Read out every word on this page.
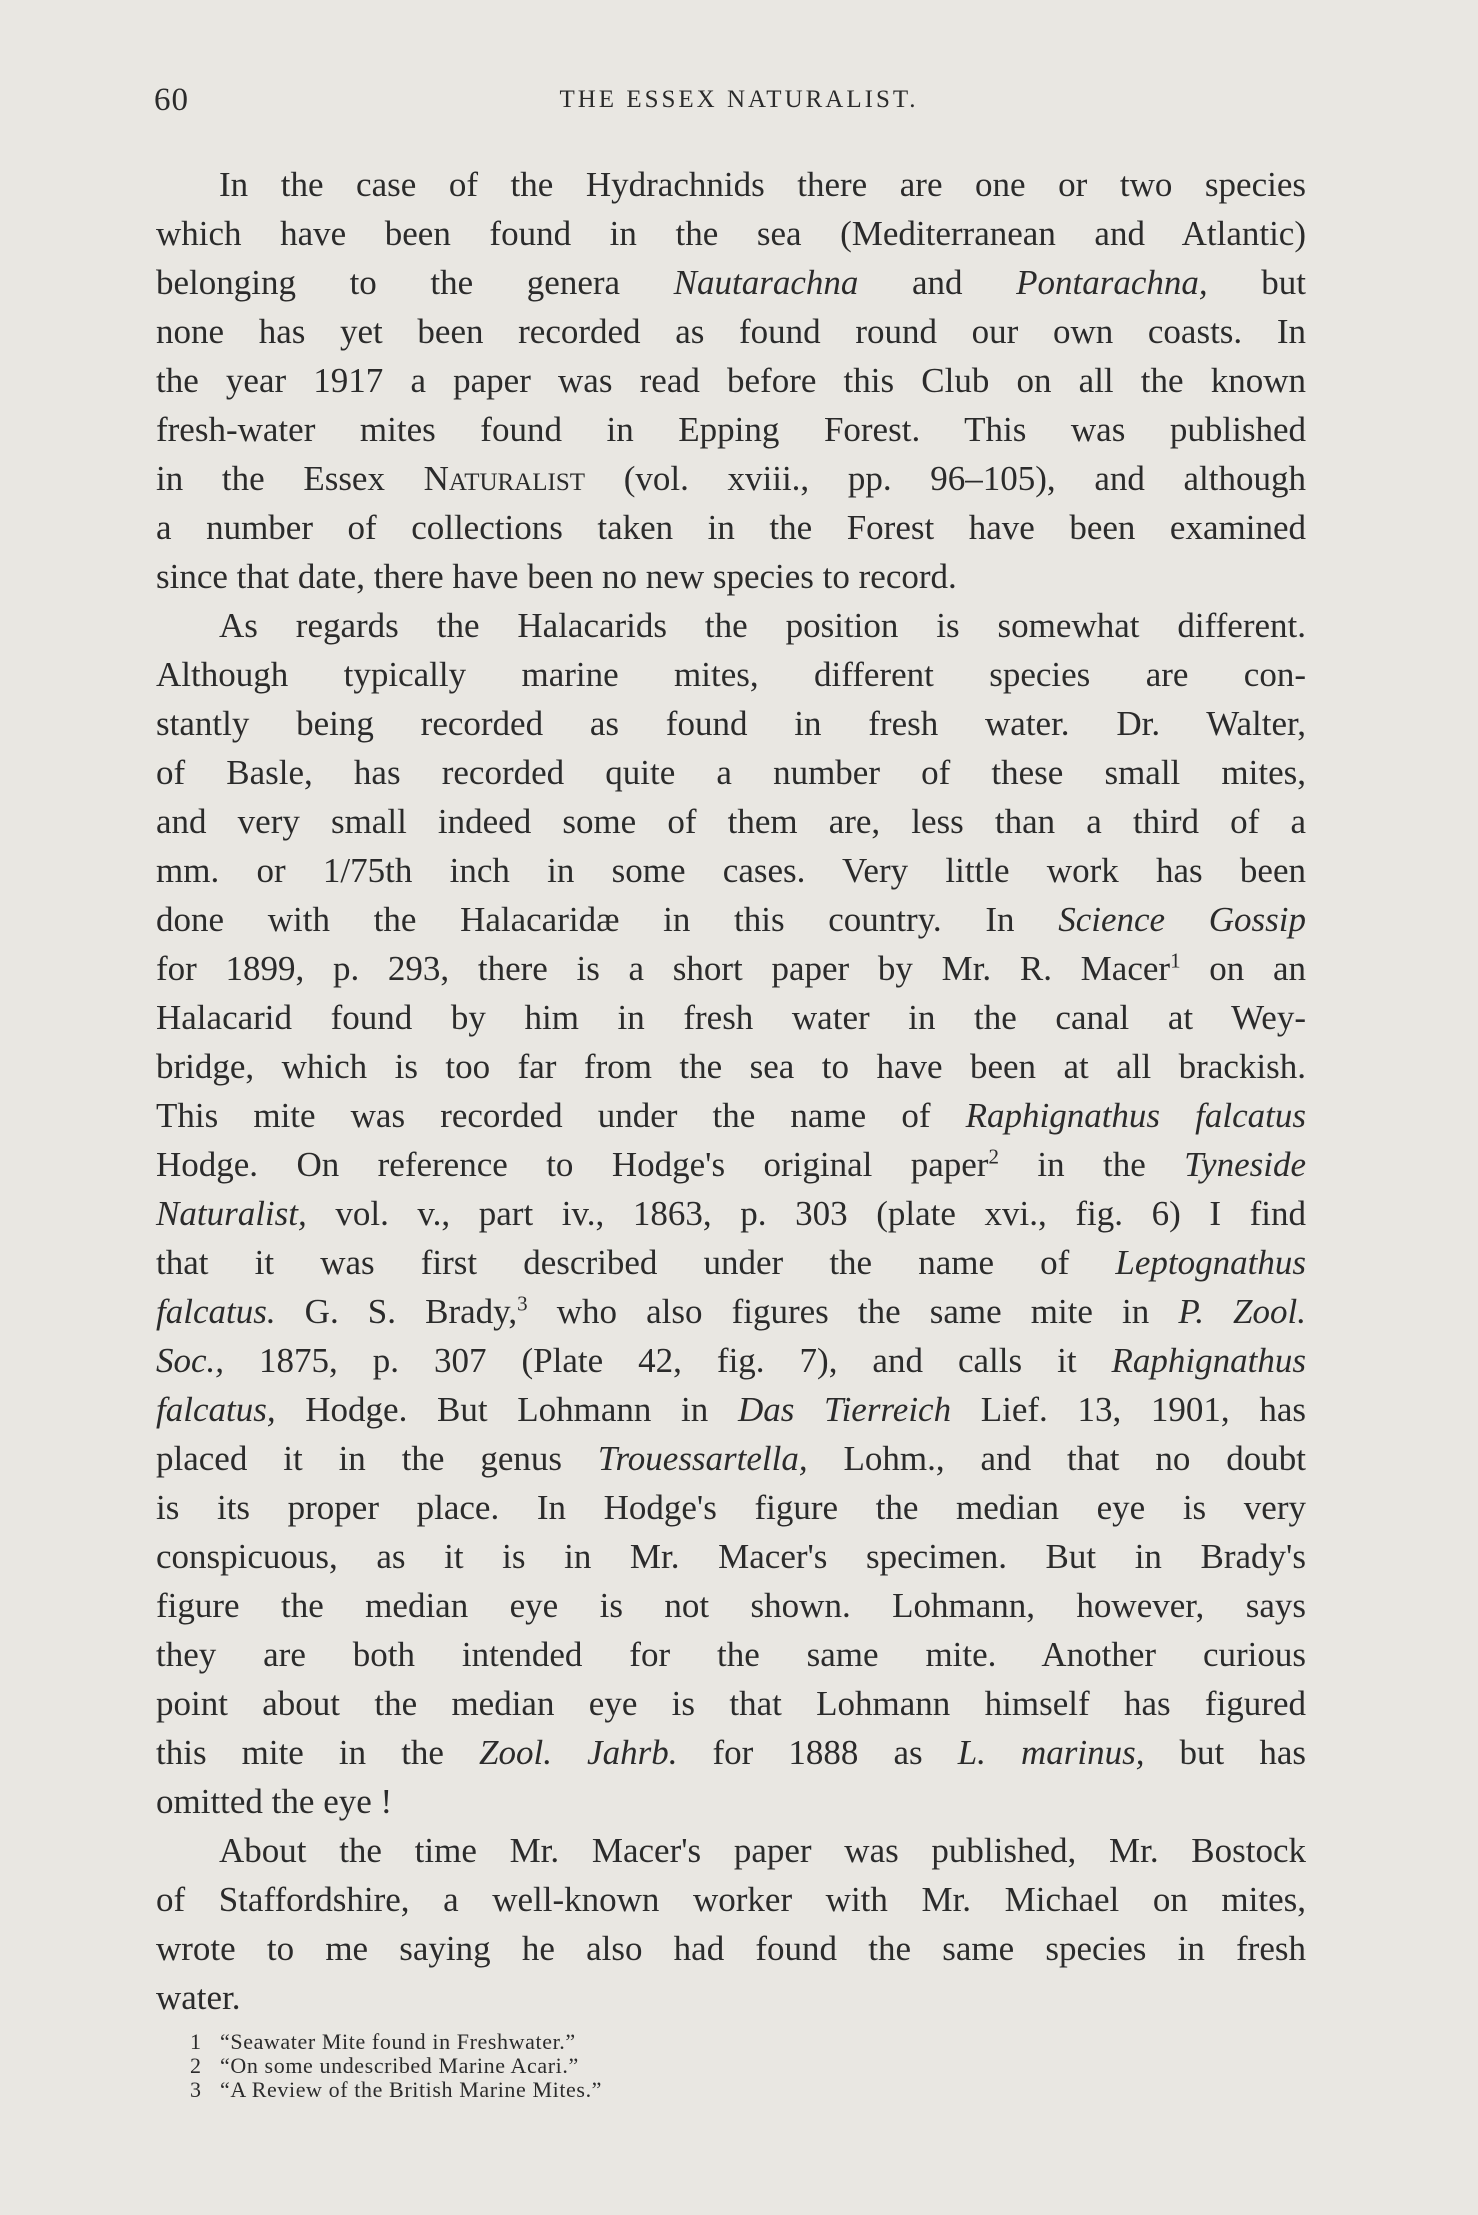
60	THE ESSEX NATURALIST.
In the case of the Hydrachnids there are one or two species
which have been found in the sea (Mediterranean and Atlantic)
belonging to the genera Nautarachna and Pontarachna, but
none has yet been recorded as found round our own coasts. In
the year 1917 a paper was read before this Club on all the known
fresh-water mites found in Epping Forest. This was published
in the Essex Naturalist (vol. xviii., pp. 96–105), and although
a number of collections taken in the Forest have been examined
since that date, there have been no new species to record.
As regards the Halacarids the position is somewhat different.
Although typically marine mites, different species are con-
stantly being recorded as found in fresh water. Dr. Walter,
of Basle, has recorded quite a number of these small mites,
and very small indeed some of them are, less than a third of a
mm. or 1/75th inch in some cases. Very little work has been
done with the Halacaridæ in this country. In Science Gossip
for 1899, p. 293, there is a short paper by Mr. R. Macer$^1$ on an
Halacarid found by him in fresh water in the canal at Wey-
bridge, which is too far from the sea to have been at all brackish.
This mite was recorded under the name of Raphignathus falcatus
Hodge. On reference to Hodge's original paper$^2$ in the Tyneside
Naturalist, vol. v., part iv., 1863, p. 303 (plate xvi., fig. 6) I find
that it was first described under the name of Leptognathus
falcatus. G. S. Brady,$^3$ who also figures the same mite in P. Zool.
Soc., 1875, p. 307 (Plate 42, fig. 7), and calls it Raphignathus
falcatus, Hodge. But Lohmann in Das Tierreich Lief. 13, 1901, has
placed it in the genus Trouessartella, Lohm., and that no doubt
is its proper place. In Hodge's figure the median eye is very
conspicuous, as it is in Mr. Macer's specimen. But in Brady's
figure the median eye is not shown. Lohmann, however, says
they are both intended for the same mite. Another curious
point about the median eye is that Lohmann himself has figured
this mite in the Zool. Jahrb. for 1888 as L. marinus, but has
omitted the eye !
About the time Mr. Macer's paper was published, Mr. Bostock
of Staffordshire, a well-known worker with Mr. Michael on mites,
wrote to me saying he also had found the same species in fresh
water.
1 “Seawater Mite found in Freshwater.”
2 “On some undescribed Marine Acari.”
3 “A Review of the British Marine Mites.”
